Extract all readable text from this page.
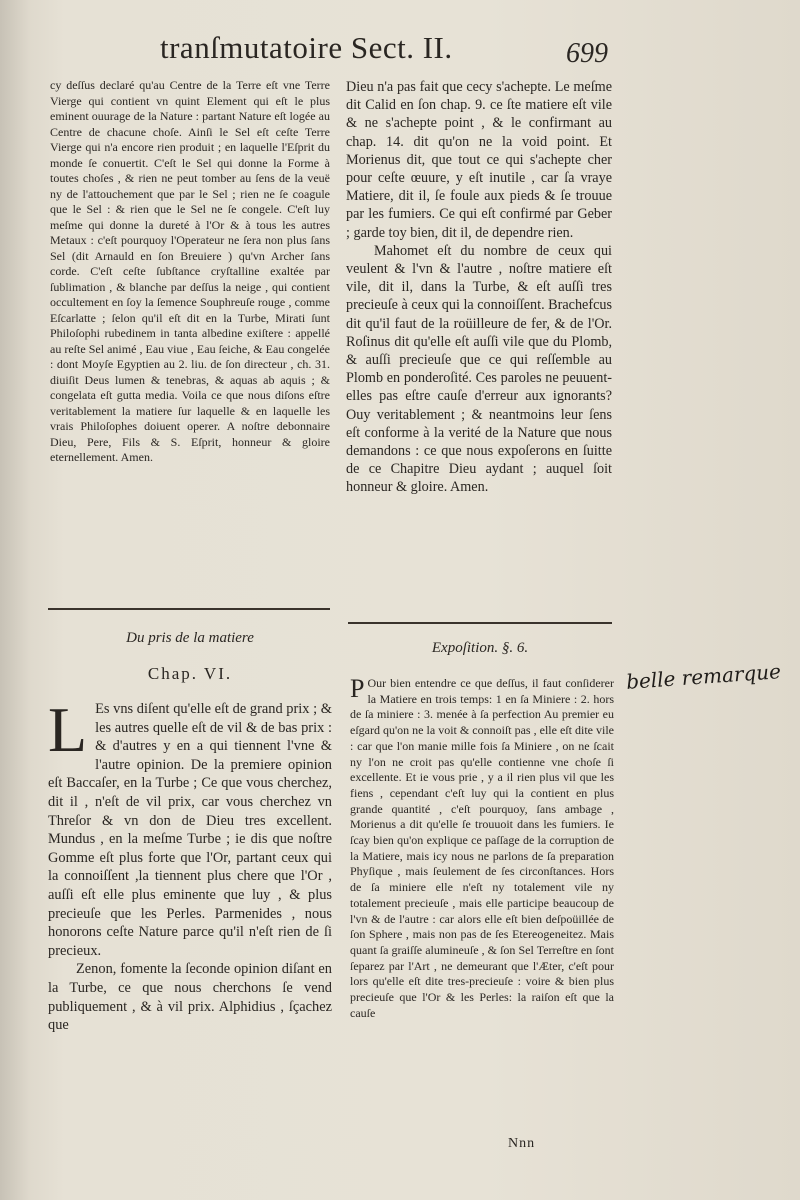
tranſmutatoire Sect. II.	699

cy deſſus declaré qu'au Centre de la Terre eſt vne Terre Vierge qui contient vn quint Element qui eſt le plus eminent ouurage de la Nature : partant Nature eſt logée au Centre de chacune choſe. Ainſi le Sel eſt ceſte Terre Vierge qui n'a encore rien produit ; en laquelle l'Eſprit du monde ſe conuertit. C'eſt le Sel qui donne la Forme à toutes choſes , & rien ne peut tomber au ſens de la veuë ny de l'attouchement que par le Sel ; rien ne ſe coagule que le Sel : & rien que le Sel ne ſe congele. C'eſt luy meſme qui donne la dureté à l'Or & à tous les autres Metaux : c'eſt pourquoy l'Operateur ne ſera non plus ſans Sel (dit Arnauld en ſon Breuiere ) qu'vn Archer ſans corde. C'eſt ceſte ſubſtance cryſtalline exaltée par ſublimation , & blanche par deſſus la neige , qui contient occultement en ſoy la ſemence Souphreuſe rouge , comme Eſcarlatte ; ſelon qu'il eſt dit en la Turbe, Mirati ſunt Philoſophi rubedinem in tanta albedine exiſtere : appellé au reſte Sel animé , Eau viue , Eau ſeiche, & Eau congelée : dont Moyſe Egyptien au 2. liu. de ſon directeur , ch. 31. diuiſit Deus lumen & tenebras, & aquas ab aquis ; & congelata eſt gutta media. Voila ce que nous diſons eſtre veritablement la matiere ſur laquelle & en laquelle les vrais Philoſophes doiuent operer. A noſtre debonnaire Dieu, Pere, Fils & S. Eſprit, honneur & gloire eternellement. Amen.

Dieu n'a pas fait que cecy s'achepte. Le meſme dit Calid en ſon chap. 9. ce ſte matiere eſt vile & ne s'achepte point , & le confirmant au chap. 14. dit qu'on ne la void point. Et Morienus dit, que tout ce qui s'achepte cher pour ceſte œuure, y eſt inutile , car ſa vraye Matiere, dit il, ſe foule aux pieds & ſe trouue par les fumiers. Ce qui eſt confirmé par Geber ; garde toy bien, dit il, de dependre rien.

Mahomet eſt du nombre de ceux qui veulent & l'vn & l'autre , noſtre matiere eſt vile, dit il, dans la Turbe, & eſt auſſi tres precieuſe à ceux qui la connoiſſent. Brachefcus dit qu'il faut de la roüilleure de fer, & de l'Or. Roſinus dit qu'elle eſt auſſi vile que du Plomb, & auſſi precieuſe que ce qui reſſemble au Plomb en ponderoſité. Ces paroles ne peuuent-elles pas eſtre cauſe d'erreur aux ignorants? Ouy veritablement ; & neantmoins leur ſens eſt conforme à la verité de la Nature que nous demandons : ce que nous expoſerons en ſuitte de ce Chapitre Dieu aydant ; auquel ſoit honneur & gloire. Amen.

Du pris de la matiere
Chap. VI.
Expoſition. §. 6.

L Es vns diſent qu'elle eſt de grand prix ; & les autres quelle eſt de vil & de bas prix : & d'autres y en a qui tiennent l'vne & l'autre opinion. De la premiere opinion eſt Baccaſer, en la Turbe ; Ce que vous cherchez, dit il , n'eſt de vil prix, car vous cherchez vn Threſor & vn don de Dieu tres excellent. Mundus , en la meſme Turbe ; ie dis que noſtre Gomme eſt plus forte que l'Or, partant ceux qui la connoiſſent ,la tiennent plus chere que l'Or , auſſi eſt elle plus eminente que luy , & plus precieuſe que les Perles. Parmenides , nous honorons ceſte Nature parce qu'il n'eſt rien de ſi precieux.

Zenon, fomente la ſeconde opinion diſant en la Turbe, ce que nous cherchons ſe vend publiquement , & à vil prix. Alphidius , ſçachez que

P Our bien entendre ce que deſſus, il faut conſiderer la Matiere en trois temps: 1 en ſa Miniere : 2. hors de ſa miniere : 3. menée à ſa perfection Au premier eu eſgard qu'on ne la voit & connoiſt pas , elle eſt dite vile : car que l'on manie mille fois ſa Miniere , on ne ſcait ny l'on ne croit pas qu'elle contienne vne choſe ſi excellente. Et ie vous prie , y a il rien plus vil que les fiens , cependant c'eſt luy qui la contient en plus grande quantité , c'eſt pourquoy, ſans ambage , Morienus a dit qu'elle ſe trouuoit dans les fumiers. Ie ſcay bien qu'on explique ce paſſage de la corruption de la Matiere, mais icy nous ne parlons de ſa preparation Phyſique , mais ſeulement de ſes circonſtances. Hors de ſa miniere elle n'eſt ny totalement vile ny totalement precieuſe , mais elle participe beaucoup de l'vn & de l'autre : car alors elle eſt bien deſpoüillée de ſon Sphere , mais non pas de ſes Etereogeneitez. Mais quant ſa graiſſe alumineuſe , & ſon Sel Terreſtre en ſont ſeparez par l'Art , ne demeurant que l'Æter, c'eſt pour lors qu'elle eſt dite tres-precieuſe : voire & bien plus precieuſe que l'Or & les Perles: la raiſon eſt que la cauſe

belle remarque
Nnn
